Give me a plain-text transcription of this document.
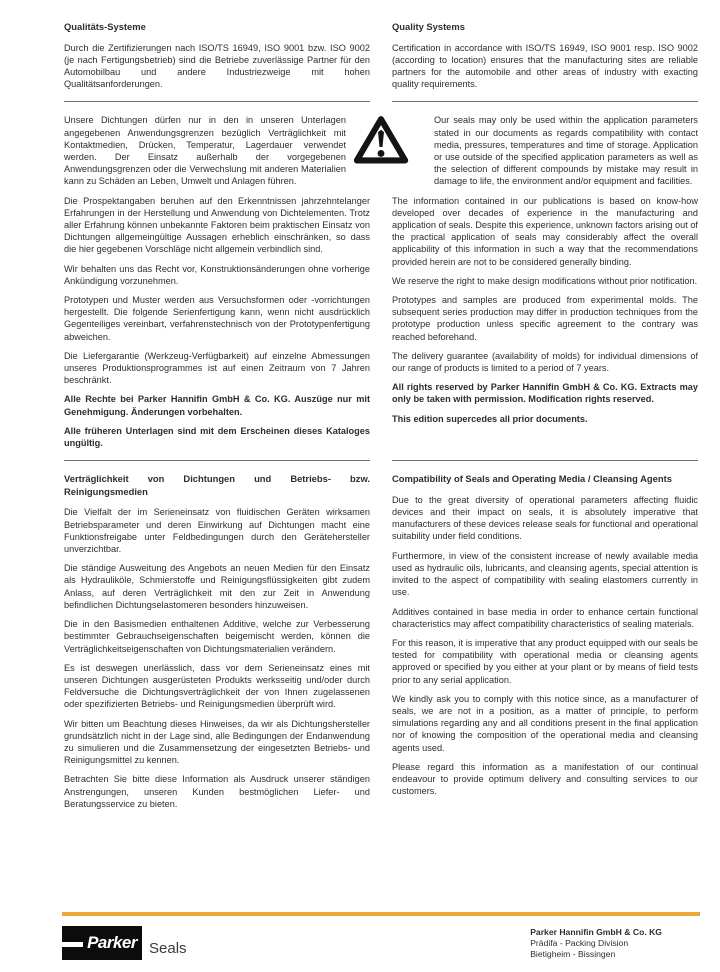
Qualitäts-Systeme

Durch die Zertifizierungen nach ISO/TS 16949, ISO 9001 bzw. ISO 9002 (je nach Fertigungsbetrieb) sind die Betriebe zuverlässige Partner für den Automobilbau und andere Industriezweige mit hohen Qualitätsanforderungen.

Quality Systems

Certification in accordance with ISO/TS 16949, ISO 9001 resp. ISO 9002 (according to location) ensures that the manufacturing sites are reliable partners for the automobile and other areas of industry with exacting quality requirements.

Unsere Dichtungen dürfen nur in den in unseren Unterlagen angegebenen Anwendungsgrenzen bezüglich Verträglichkeit mit Kontaktmedien, Drücken, Temperatur, Lagerdauer verwendet werden. Der Einsatz außerhalb der vorgegebenen Anwendungsgrenzen oder die Verwechslung mit anderen Materialien kann zu Schäden an Leben, Umwelt und Anlagen führen.

Die Prospektangaben beruhen auf den Erkenntnissen jahrzehntelanger Erfahrungen in der Herstellung und Anwendung von Dichtelementen. Trotz aller Erfahrung können unbekannte Faktoren beim praktischen Einsatz von Dichtungen allgemeingültige Aussagen erheblich einschränken, so dass die hier gegebenen Vorschläge nicht allgemein verbindlich sind.

Wir behalten uns das Recht vor, Konstruktionsänderungen ohne vorherige Ankündigung vorzunehmen.

Prototypen und Muster werden aus Versuchsformen oder -vorrichtungen hergestellt. Die folgende Serienfertigung kann, wenn nicht ausdrücklich Gegenteiliges vereinbart, verfahrenstechnisch von der Prototypenfertigung abweichen.

Die Liefergarantie (Werkzeug-Verfügbarkeit) auf einzelne Abmessungen unseres Produktionsprogrammes ist auf einen Zeitraum von 7 Jahren beschränkt.

Alle Rechte bei Parker Hannifin GmbH & Co. KG. Auszüge nur mit Genehmigung. Änderungen vorbehalten.

Alle früheren Unterlagen sind mit dem Erscheinen dieses Kataloges ungültig.

Our seals may only be used within the application parameters stated in our documents as regards compatibility with contact media, pressures, temperatures and time of storage. Application or use outside of the specified application parameters as well as the selection of different compounds by mistake may result in damage to life, the environment and/or equipment and facilities.

The information contained in our publications is based on know-how developed over decades of experience in the manufacturing and application of seals. Despite this experience, unknown factors arising out of the practical application of seals may considerably affect the overall applicability of this information in such a way that the recommendations provided herein are not to be considered generally binding.

We reserve the right to make design modifications without prior notification.

Prototypes and samples are produced from experimental molds. The subsequent series production may differ in production techniques from the prototype production unless specific agreement to the contrary was reached beforehand.

The delivery guarantee (availability of molds) for individual dimensions of our range of products is limited to a period of 7 years.

All rights reserved by Parker Hannifin GmbH & Co. KG. Extracts may only be taken with permission. Modification rights reserved.

This edition supercedes all prior documents.

Verträglichkeit von Dichtungen und Betriebs- bzw. Reinigungsmedien

Die Vielfalt der im Serieneinsatz von fluidischen Geräten wirksamen Betriebsparameter und deren Einwirkung auf Dichtungen macht eine Funktionsfreigabe unter Feldbedingungen durch den Gerätehersteller unverzichtbar.

Die ständige Ausweitung des Angebots an neuen Medien für den Einsatz als Hydrauliköle, Schmierstoffe und Reinigungsflüssigkeiten gibt zudem Anlass, auf deren Verträglichkeit mit den zur Zeit in Anwendung befindlichen Dichtungselastomeren besonders hinzuweisen.

Die in den Basismedien enthaltenen Additive, welche zur Verbesserung bestimmter Gebrauchseigenschaften beigemischt werden, können die Verträglichkeitseigenschaften von Dichtungsmaterialien verändern.

Es ist deswegen unerlässlich, dass vor dem Serieneinsatz eines mit unseren Dichtungen ausgerüsteten Produkts werksseitig und/oder durch Feldversuche die Dichtungsverträglichkeit der von Ihnen zugelassenen oder spezifizierten Betriebs- und Reinigungsmedien überprüft wird.

Wir bitten um Beachtung dieses Hinweises, da wir als Dichtungshersteller grundsätzlich nicht in der Lage sind, alle Bedingungen der Endanwendung zu simulieren und die Zusammensetzung der eingesetzten Betriebs- und Reinigungsmittel zu kennen.

Betrachten Sie bitte diese Information als Ausdruck unserer ständigen Anstrengungen, unseren Kunden bestmöglichen Liefer- und Beratungsservice zu bieten.

Compatibility of Seals and Operating Media / Cleansing Agents

Due to the great diversity of operational parameters affecting fluidic devices and their impact on seals, it is absolutely imperative that manufacturers of these devices release seals for functional and operational suitability under field conditions.

Furthermore, in view of the consistent increase of newly available media used as hydraulic oils, lubricants, and cleansing agents, special attention is invited to the aspect of compatibility with sealing elastomers currently in use.

Additives contained in base media in order to enhance certain functional characteristics may affect compatibility characteristics of sealing materials.

For this reason, it is imperative that any product equipped with our seals be tested for compatibility with operational media or cleansing agents approved or specified by you either at your plant or by means of field tests prior to any serial application.

We kindly ask you to comply with this notice since, as a manufacturer of seals, we are not in a position, as a matter of principle, to perform simulations regarding any and all conditions present in the final application nor of knowing the composition of the operational media and cleansing agents used.

Please regard this information as a manifestation of our continual endeavour to provide optimum delivery and consulting services to our customers.

Parker Seals
Parker Hannifin GmbH & Co. KG
Prädifa - Packing Division
Bietigheim - Bissingen
